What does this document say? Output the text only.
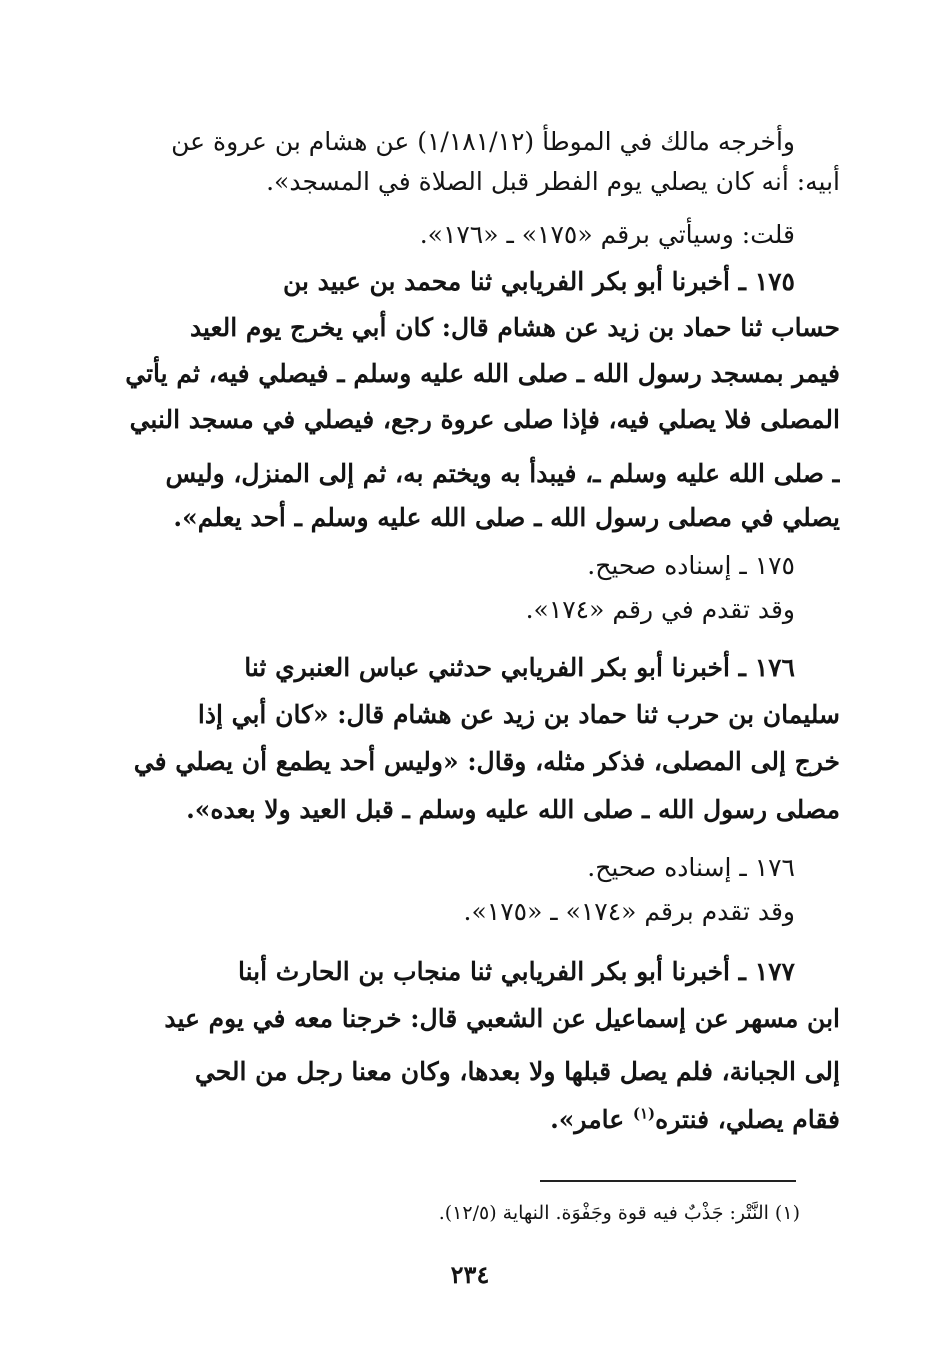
وأخرجه مالك في الموطأ (١/١٨١/١٢) عن هشام بن عروة عن
أبيه: أنه كان يصلي يوم الفطر قبل الصلاة في المسجد».
قلت: وسيأتي برقم «١٧٥» ـ «١٧٦».
١٧٥ ـ أخبرنا أبو بكر الفريابي ثنا محمد بن عبيد بن
حساب ثنا حماد بن زيد عن هشام قال: كان أبي يخرج يوم العيد
فيمر بمسجد رسول الله ـ صلى الله عليه وسلم ـ فيصلي فيه، ثم يأتي
المصلى فلا يصلي فيه، فإذا صلى عروة رجع، فيصلي في مسجد النبي
ـ صلى الله عليه وسلم ـ، فيبدأ به ويختم به، ثم إلى المنزل، وليس
يصلي في مصلى رسول الله ـ صلى الله عليه وسلم ـ أحد يعلم».
١٧٥ ـ إسناده صحيح.
وقد تقدم في رقم «١٧٤».
١٧٦ ـ أخبرنا أبو بكر الفريابي حدثني عباس العنبري ثنا
سليمان بن حرب ثنا حماد بن زيد عن هشام قال: «كان أبي إذا
خرج إلى المصلى، فذكر مثله، وقال: «وليس أحد يطمع أن يصلي في
مصلى رسول الله ـ صلى الله عليه وسلم ـ قبل العيد ولا بعده».
١٧٦ ـ إسناده صحيح.
وقد تقدم برقم «١٧٤» ـ «١٧٥».
١٧٧ ـ أخبرنا أبو بكر الفريابي ثنا منجاب بن الحارث أبنا
ابن مسهر عن إسماعيل عن الشعبي قال: خرجنا معه في يوم عيد
إلى الجبانة، فلم يصل قبلها ولا بعدها، وكان معنا رجل من الحي
فقام يصلي، فنتره$^{(١)}$ عامر».
(١) النَّتْر: جَذْبٌ فيه قوة وجَفْوَة. النهاية (١٢/٥).
٢٣٤
